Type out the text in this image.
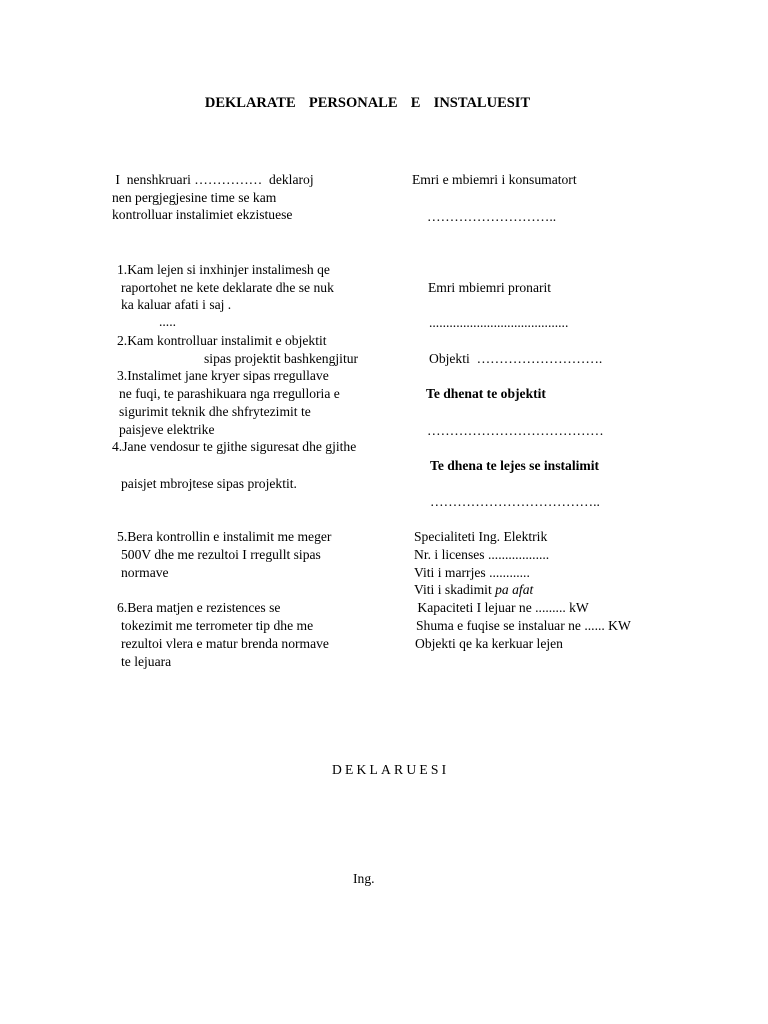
DEKLARATE  PERSONALE  E  INSTALUESIT
I  nenshkruari ……………  deklaroj
nen pergjegjesine time se kam
kontrolluar instalimiet ekzistuese
1.Kam lejen si inxhinjer instalimesh qe
raportohet ne kete deklarate dhe se nuk
ka kaluar afati i saj .
.....
2.Kam kontrolluar instalimit e objektit
sipas projektit bashkengjitur
3.Instalimet jane kryer sipas rregullave
ne fuqi, te parashikuara nga rregulloria e
sigurimit teknik dhe shfrytezimit te
paisjeve elektrike
4.Jane vendosur te gjithe siguresat dhe gjithe
paisjet mbrojtese sipas projektit.
5.Bera kontrollin e instalimit me meger
500V dhe me rezultoi I rregullt sipas
normave
6.Bera matjen e rezistences se
tokezimit me terrometer tip dhe me
rezultoi vlera e matur brenda normave
te lejuara
Emri e mbiemri i konsumatort
………………………..
Emri mbiemri pronarit
.........................................
Objekti  ……………………….
Te dhenat te objektit
…………………………………
Te dhena te lejes se instalimit
………………………………..
Specialiteti Ing. Elektrik
Nr. i licenses ..................
Viti i marrjes ............
Viti i skadimit pa afat
Kapaciteti I lejuar ne ......... kW
Shuma e fuqise se instaluar ne ...... KW
Objekti qe ka kerkuar lejen
DEKLARUESI
Ing.
